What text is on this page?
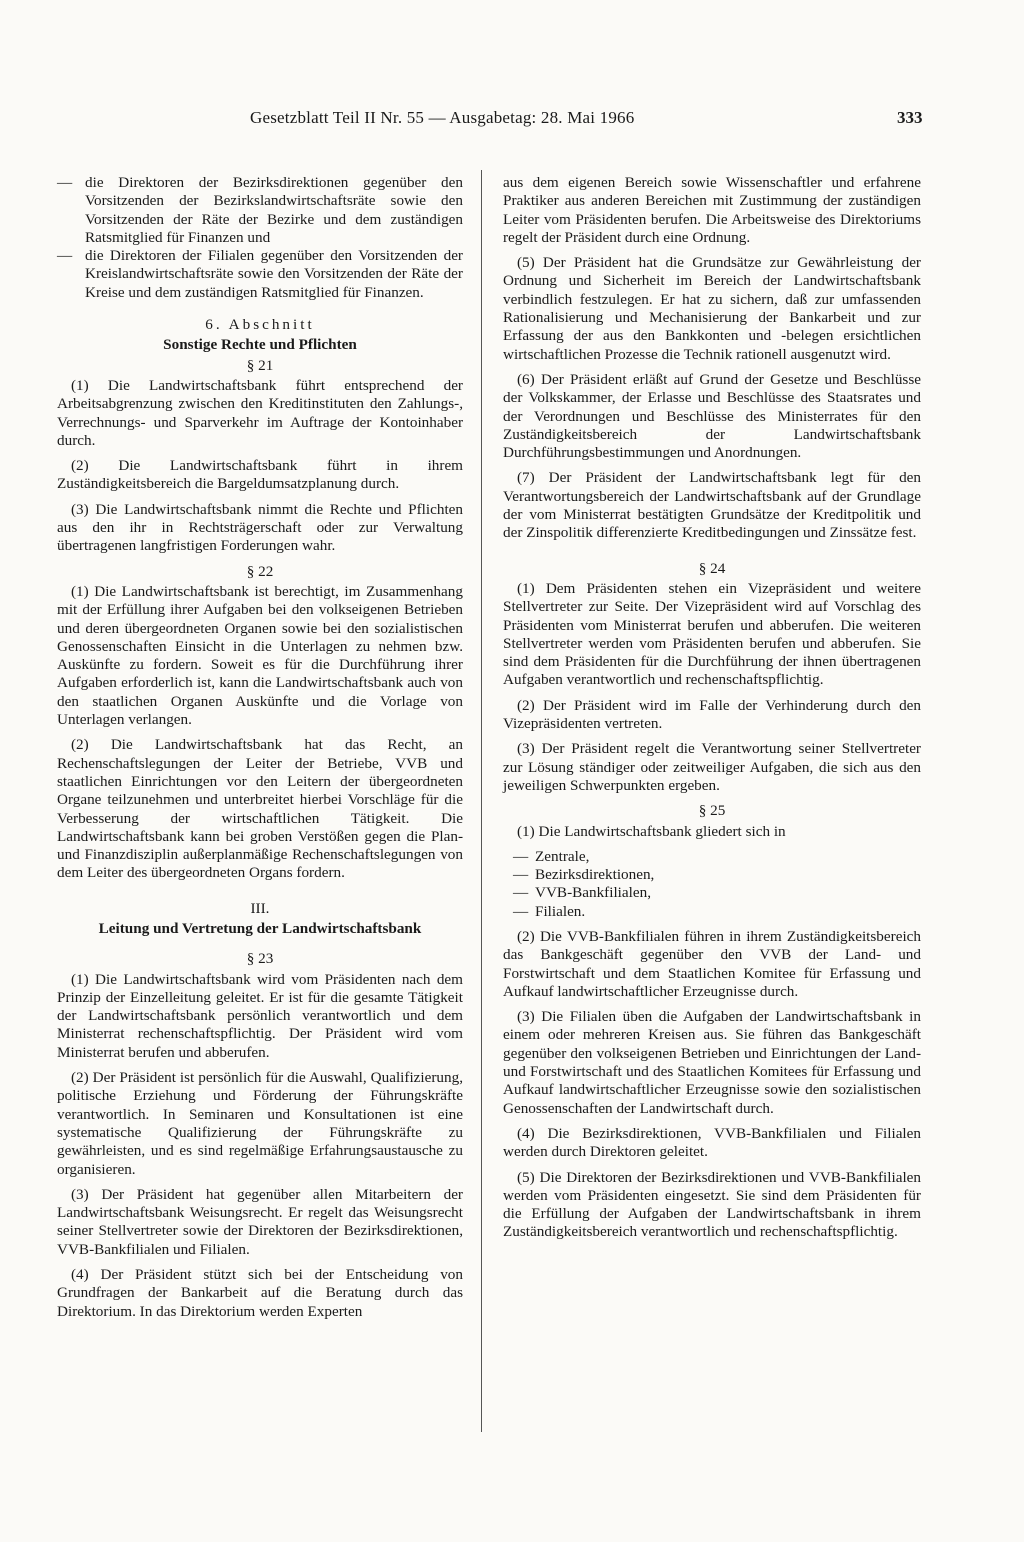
Gesetzblatt Teil II Nr. 55 — Ausgabetag: 28. Mai 1966	333
— die Direktoren der Bezirksdirektionen gegenüber den Vorsitzenden der Bezirkslandwirtschaftsräte sowie den Vorsitzenden der Räte der Bezirke und dem zuständigen Ratsmitglied für Finanzen und
— die Direktoren der Filialen gegenüber den Vorsitzenden der Kreislandwirtschaftsräte sowie den Vorsitzenden der Räte der Kreise und dem zuständigen Ratsmitglied für Finanzen.

6. Abschnitt

Sonstige Rechte und Pflichten

§ 21

(1) Die Landwirtschaftsbank führt entsprechend der Arbeitsabgrenzung zwischen den Kreditinstituten den Zahlungs-, Verrechnungs- und Sparverkehr im Auftrage der Kontoinhaber durch.

(2) Die Landwirtschaftsbank führt in ihrem Zuständigkeitsbereich die Bargeldumsatzplanung durch.

(3) Die Landwirtschaftsbank nimmt die Rechte und Pflichten aus den ihr in Rechtsträgerschaft oder zur Verwaltung übertragenen langfristigen Forderungen wahr.

§ 22

(1) Die Landwirtschaftsbank ist berechtigt, im Zusammenhang mit der Erfüllung ihrer Aufgaben bei den volkseigenen Betrieben und deren übergeordneten Organen sowie bei den sozialistischen Genossenschaften Einsicht in die Unterlagen zu nehmen bzw. Auskünfte zu fordern. Soweit es für die Durchführung ihrer Aufgaben erforderlich ist, kann die Landwirtschaftsbank auch von den staatlichen Organen Auskünfte und die Vorlage von Unterlagen verlangen.

(2) Die Landwirtschaftsbank hat das Recht, an Rechenschaftslegungen der Leiter der Betriebe, VVB und staatlichen Einrichtungen vor den Leitern der übergeordneten Organe teilzunehmen und unterbreitet hierbei Vorschläge für die Verbesserung der wirtschaftlichen Tätigkeit. Die Landwirtschaftsbank kann bei groben Verstößen gegen die Plan- und Finanzdisziplin außerplanmäßige Rechenschaftslegungen von dem Leiter des übergeordneten Organs fordern.

III.

Leitung und Vertretung der Landwirtschaftsbank

§ 23

(1) Die Landwirtschaftsbank wird vom Präsidenten nach dem Prinzip der Einzelleitung geleitet. Er ist für die gesamte Tätigkeit der Landwirtschaftsbank persönlich verantwortlich und dem Ministerrat rechenschaftspflichtig. Der Präsident wird vom Ministerrat berufen und abberufen.

(2) Der Präsident ist persönlich für die Auswahl, Qualifizierung, politische Erziehung und Förderung der Führungskräfte verantwortlich. In Seminaren und Konsultationen ist eine systematische Qualifizierung der Führungskräfte zu gewährleisten, und es sind regelmäßige Erfahrungsaustausche zu organisieren.

(3) Der Präsident hat gegenüber allen Mitarbeitern der Landwirtschaftsbank Weisungsrecht. Er regelt das Weisungsrecht seiner Stellvertreter sowie der Direktoren der Bezirksdirektionen, VVB-Bankfilialen und Filialen.

(4) Der Präsident stützt sich bei der Entscheidung von Grundfragen der Bankarbeit auf die Beratung durch das Direktorium. In das Direktorium werden Experten

aus dem eigenen Bereich sowie Wissenschaftler und erfahrene Praktiker aus anderen Bereichen mit Zustimmung der zuständigen Leiter vom Präsidenten berufen. Die Arbeitsweise des Direktoriums regelt der Präsident durch eine Ordnung.

(5) Der Präsident hat die Grundsätze zur Gewährleistung der Ordnung und Sicherheit im Bereich der Landwirtschaftsbank verbindlich festzulegen. Er hat zu sichern, daß zur umfassenden Rationalisierung und Mechanisierung der Bankarbeit und zur Erfassung der aus den Bankkonten und -belegen ersichtlichen wirtschaftlichen Prozesse die Technik rationell ausgenutzt wird.

(6) Der Präsident erläßt auf Grund der Gesetze und Beschlüsse der Volkskammer, der Erlasse und Beschlüsse des Staatsrates und der Verordnungen und Beschlüsse des Ministerrates für den Zuständigkeitsbereich der Landwirtschaftsbank Durchführungsbestimmungen und Anordnungen.

(7) Der Präsident der Landwirtschaftsbank legt für den Verantwortungsbereich der Landwirtschaftsbank auf der Grundlage der vom Ministerrat bestätigten Grundsätze der Kreditpolitik und der Zinspolitik differenzierte Kreditbedingungen und Zinssätze fest.

§ 24

(1) Dem Präsidenten stehen ein Vizepräsident und weitere Stellvertreter zur Seite. Der Vizepräsident wird auf Vorschlag des Präsidenten vom Ministerrat berufen und abberufen. Die weiteren Stellvertreter werden vom Präsidenten berufen und abberufen. Sie sind dem Präsidenten für die Durchführung der ihnen übertragenen Aufgaben verantwortlich und rechenschaftspflichtig.

(2) Der Präsident wird im Falle der Verhinderung durch den Vizepräsidenten vertreten.

(3) Der Präsident regelt die Verantwortung seiner Stellvertreter zur Lösung ständiger oder zeitweiliger Aufgaben, die sich aus den jeweiligen Schwerpunkten ergeben.

§ 25

(1) Die Landwirtschaftsbank gliedert sich in

— Zentrale,
— Bezirksdirektionen,
— VVB-Bankfilialen,
— Filialen.

(2) Die VVB-Bankfilialen führen in ihrem Zuständigkeitsbereich das Bankgeschäft gegenüber den VVB der Land- und Forstwirtschaft und dem Staatlichen Komitee für Erfassung und Aufkauf landwirtschaftlicher Erzeugnisse durch.

(3) Die Filialen üben die Aufgaben der Landwirtschaftsbank in einem oder mehreren Kreisen aus. Sie führen das Bankgeschäft gegenüber den volkseigenen Betrieben und Einrichtungen der Land- und Forstwirtschaft und des Staatlichen Komitees für Erfassung und Aufkauf landwirtschaftlicher Erzeugnisse sowie den sozialistischen Genossenschaften der Landwirtschaft durch.

(4) Die Bezirksdirektionen, VVB-Bankfilialen und Filialen werden durch Direktoren geleitet.

(5) Die Direktoren der Bezirksdirektionen und VVB-Bankfilialen werden vom Präsidenten eingesetzt. Sie sind dem Präsidenten für die Erfüllung der Aufgaben der Landwirtschaftsbank in ihrem Zuständigkeitsbereich verantwortlich und rechenschaftspflichtig.
